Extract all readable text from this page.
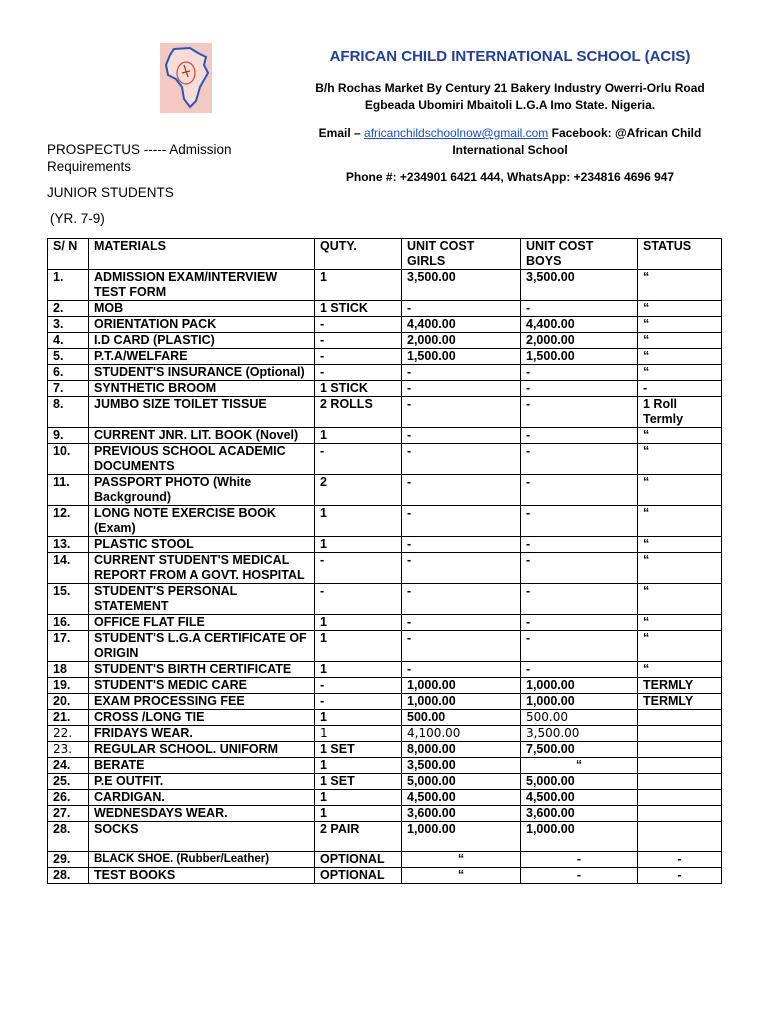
AFRICAN CHILD INTERNATIONAL SCHOOL (ACIS)
B/h Rochas Market By Century 21 Bakery Industry Owerri-Orlu Road
Egbeada Ubomiri Mbaitoli L.G.A Imo State. Nigeria.
Email – africanchildschoolnow@gmail.com Facebook: @African Child International School
Phone #: +234901 6421 444, WhatsApp: +234816 4696 947
PROSPECTUS ----- Admission Requirements
JUNIOR STUDENTS
(YR. 7-9)
S/ N	MATERIALS	QUTY.	UNIT COST GIRLS	UNIT COST BOYS	STATUS
1.	ADMISSION EXAM/INTERVIEW TEST FORM	1	3,500.00	3,500.00	“
2.	MOB	1 STICK	-	-	“
3.	ORIENTATION PACK	-	4,400.00	4,400.00	“
4.	I.D CARD (PLASTIC)	-	2,000.00	2,000.00	“
5.	P.T.A/WELFARE	-	1,500.00	1,500.00	“
6.	STUDENT'S INSURANCE (Optional)	-	-	-	“
7.	SYNTHETIC BROOM	1 STICK	-	-	-
8.	JUMBO SIZE TOILET TISSUE	2 ROLLS	-	-	1 Roll Termly
9.	CURRENT JNR. LIT. BOOK (Novel)	1	-	-	“
10.	PREVIOUS SCHOOL ACADEMIC DOCUMENTS	-	-	-	“
11.	PASSPORT PHOTO (White Background)	2	-	-	“
12.	LONG NOTE EXERCISE BOOK (Exam)	1	-	-	“
13.	PLASTIC STOOL	1	-	-	“
14.	CURRENT STUDENT'S MEDICAL REPORT FROM A GOVT. HOSPITAL	-	-	-	“
15.	STUDENT'S PERSONAL STATEMENT	-	-	-	“
16.	OFFICE FLAT FILE	1	-	-	“
17.	STUDENT'S L.G.A CERTIFICATE OF ORIGIN	1	-	-	“
18	STUDENT'S BIRTH CERTIFICATE	1	-	-	“
19.	STUDENT'S MEDIC CARE	-	1,000.00	1,000.00	TERMLY
20.	EXAM PROCESSING FEE	-	1,000.00	1,000.00	TERMLY
21.	CROSS /LONG TIE	1	500.00	500.00	
22.	FRIDAYS WEAR.	1	4,100.00	3,500.00	
23.	REGULAR SCHOOL. UNIFORM	1 SET	8,000.00	7,500.00	
24.	BERATE	1	3,500.00	“	
25.	P.E OUTFIT.	1 SET	5,000.00	5,000.00	
26.	CARDIGAN.	1	4,500.00	4,500.00	
27.	WEDNESDAYS WEAR.	1	3,600.00	3,600.00	
28.	SOCKS	2 PAIR	1,000.00	1,000.00	
29.	BLACK SHOE. (Rubber/Leather)	OPTIONAL	“	-	-
28.	TEST BOOKS	OPTIONAL	“	-	-
